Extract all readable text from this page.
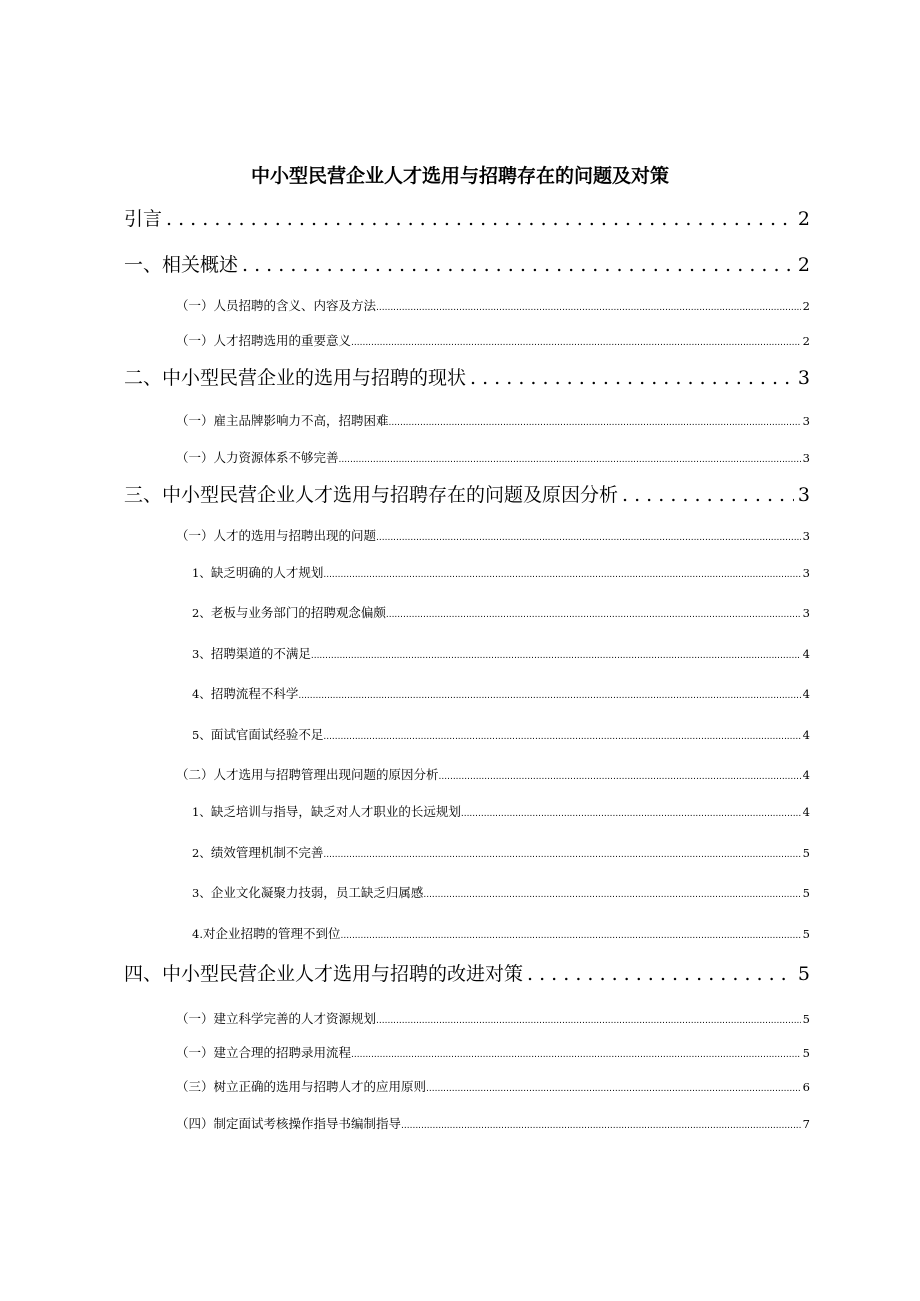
中小型民营企业人才选用与招聘存在的问题及对策
引言 . . .	2
一、相关概述 . . .	2
（一）人员招聘的含义、内容及方法 .....	2
（一）人才招聘选用的重要意义 .....	2
二、中小型民营企业的选用与招聘的现状 . . .	3
（一）雇主品牌影响力不高，招聘困难 .....	3
（一）人力资源体系不够完善 .....	3
三、中小型民营企业人才选用与招聘存在的问题及原因分析 . . .	3
（一）人才的选用与招聘出现的问题 .....	3
1、缺乏明确的人才规划 .....	3
2、老板与业务部门的招聘观念偏颇 .....	3
3、招聘渠道的不满足 .....	4
4、招聘流程不科学 .....	4
5、面试官面试经验不足 .....	4
（二）人才选用与招聘管理出现问题的原因分析 .....	4
1、缺乏培训与指导，缺乏对人才职业的长远规划 .....	4
2、绩效管理机制不完善 .....	5
3、企业文化凝聚力技弱，员工缺乏归属感 .....	5
4.对企业招聘的管理不到位 .....	5
四、中小型民营企业人才选用与招聘的改进对策 . . .	5
（一）建立科学完善的人才资源规划 .....	5
（一）建立合理的招聘录用流程 .....	5
（三）树立正确的选用与招聘人才的应用原则 .....	6
（四）制定面试考核操作指导书编制指导 .....	7
